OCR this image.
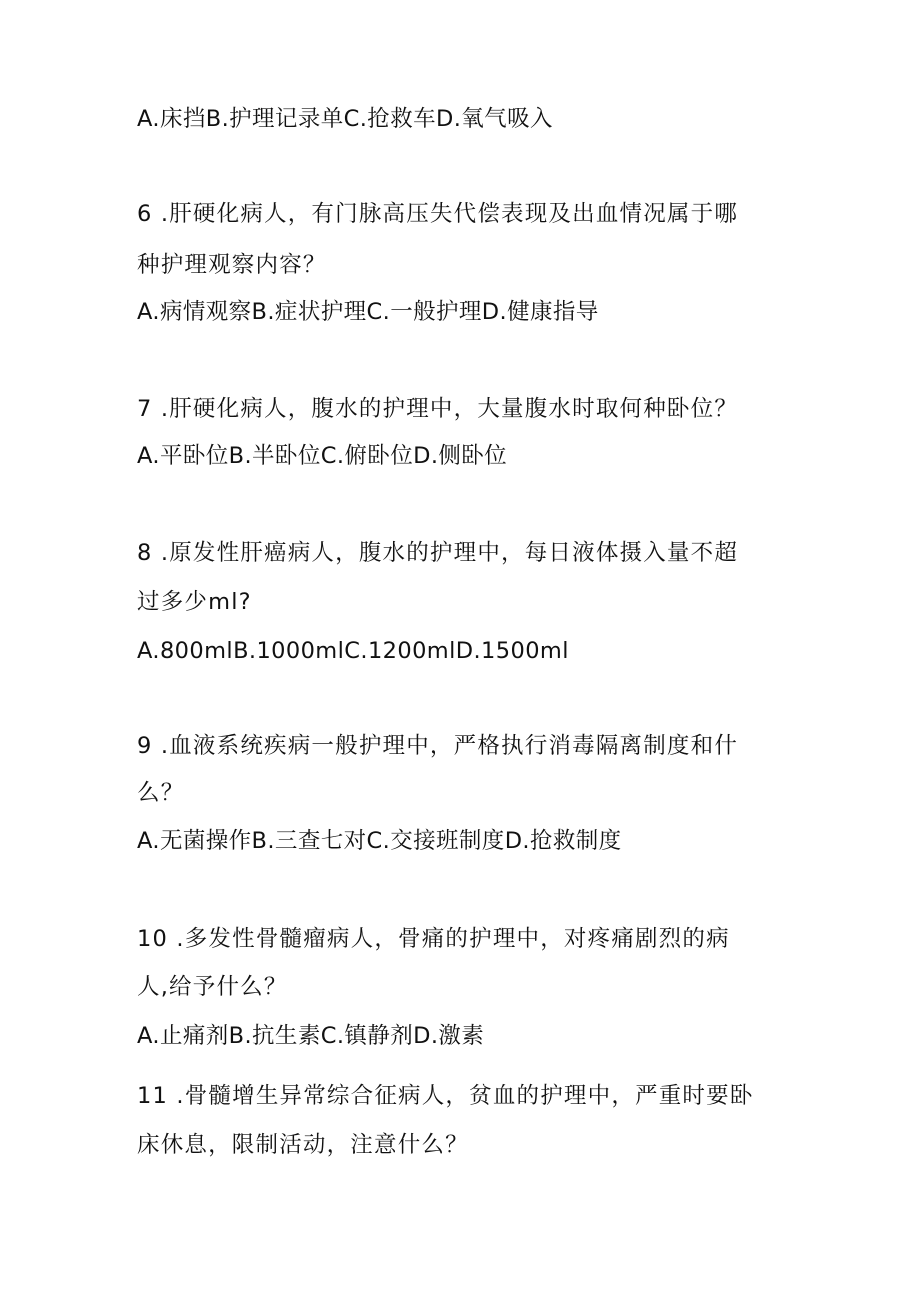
A.床挡B.护理记录单C.抢救车D.氧气吸入

6 .肝硬化病人，有门脉高压失代偿表现及出血情况属于哪

种护理观察内容？

A.病情观察B.症状护理C.一般护理D.健康指导

7 .肝硬化病人，腹水的护理中，大量腹水时取何种卧位？

A.平卧位B.半卧位C.俯卧位D.侧卧位

8 .原发性肝癌病人，腹水的护理中，每日液体摄入量不超

过多少ml?

A.800mlB.1000mlC.1200mlD.1500ml

9 .血液系统疾病一般护理中，严格执行消毒隔离制度和什

么？

A.无菌操作B.三查七对C.交接班制度D.抢救制度

10 .多发性骨髓瘤病人，骨痛的护理中，对疼痛剧烈的病

人,给予什么？

A.止痛剂B.抗生素C.镇静剂D.激素

11 .骨髓增生异常综合征病人，贫血的护理中，严重时要卧

床休息，限制活动，注意什么？
